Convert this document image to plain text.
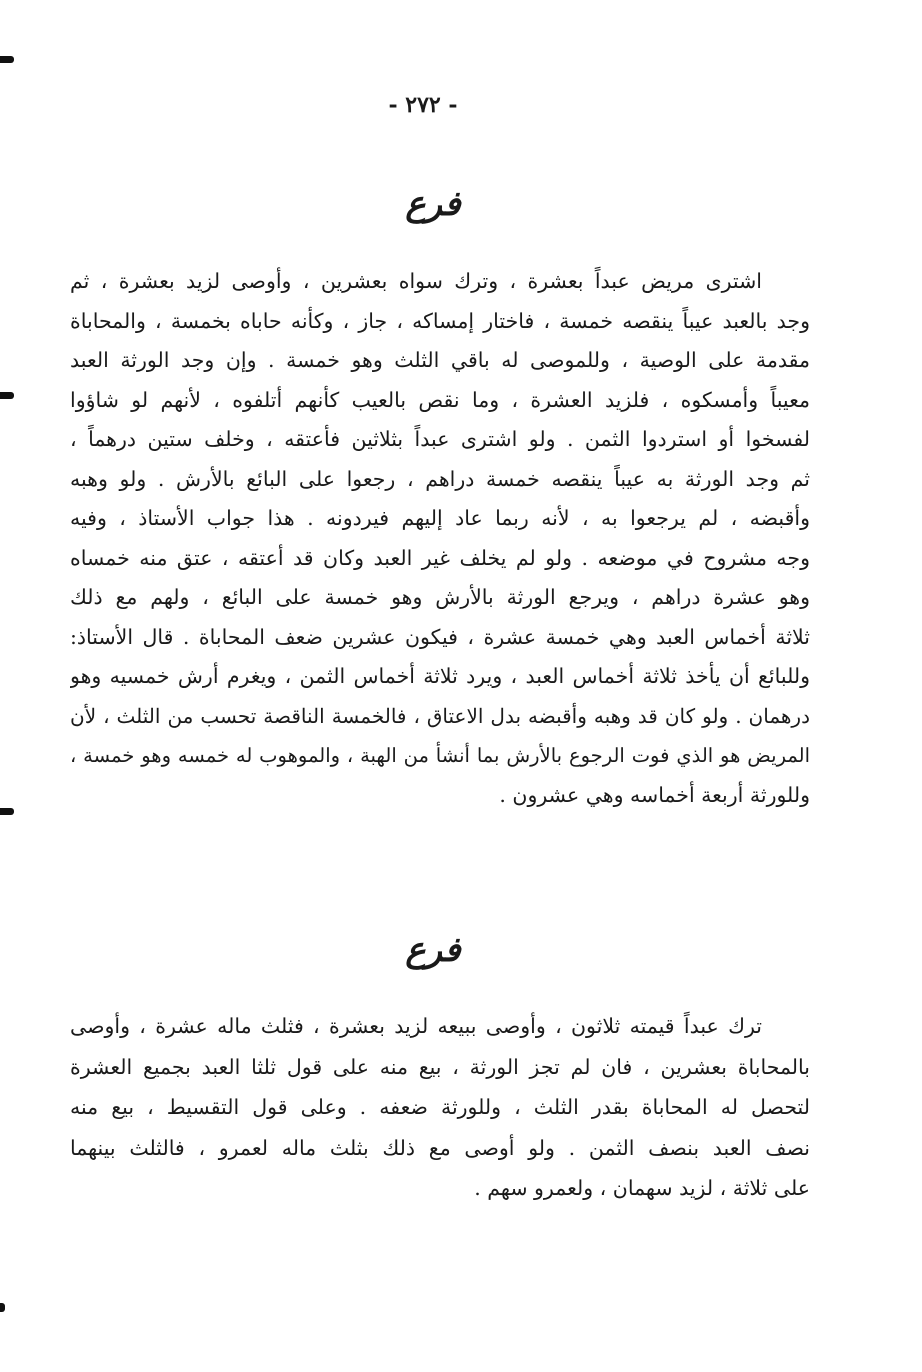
- ٢٧٢ -
فرع
اشترى مريض عبداً بعشرة ، وترك سواه بعشرين ، وأوصى لزيد بعشرة ، ثم
وجد بالعبد عيباً ينقصه خمسة ، فاختار إمساكه ، جاز ، وكأنه حاباه بخمسة ، والمحاباة
مقدمة على الوصية ، وللموصى له باقي الثلث وهو خمسة . وإن وجد الورثة العبد
معيباً وأمسكوه ، فلزيد العشرة ، وما نقص بالعيب كأنهم أتلفوه ، لأنهم لو شاؤوا
لفسخوا أو استردوا الثمن . ولو اشترى عبداً بثلاثين فأعتقه ، وخلف ستين درهماً ،
ثم وجد الورثة به عيباً ينقصه خمسة دراهم ، رجعوا على البائع بالأرش . ولو وهبه
وأقبضه ، لم يرجعوا به ، لأنه ربما عاد إليهم فيردونه . هذا جواب الأستاذ ، وفيه
وجه مشروح في موضعه . ولو لم يخلف غير العبد وكان قد أعتقه ، عتق منه خمساه
وهو عشرة دراهم ، ويرجع الورثة بالأرش وهو خمسة على البائع ، ولهم مع ذلك
ثلاثة أخماس العبد وهي خمسة عشرة ، فيكون عشرين ضعف المحاباة . قال الأستاذ:
وللبائع أن يأخذ ثلاثة أخماس العبد ، ويرد ثلاثة أخماس الثمن ، ويغرم أرش خمسيه وهو
درهمان . ولو كان قد وهبه وأقبضه بدل الاعتاق ، فالخمسة الناقصة تحسب من الثلث ، لأن
المريض هو الذي فوت الرجوع بالأرش بما أنشأ من الهبة ، والموهوب له خمسه وهو خمسة ،
وللورثة أربعة أخماسه وهي عشرون .
فرع
ترك عبداً قيمته ثلاثون ، وأوصى ببيعه لزيد بعشرة ، فثلث ماله عشرة ، وأوصى
بالمحاباة بعشرين ، فان لم تجز الورثة ، بيع منه على قول ثلثا العبد بجميع العشرة
لتحصل له المحاباة بقدر الثلث ، وللورثة ضعفه . وعلى قول التقسيط ، بيع منه
نصف العبد بنصف الثمن . ولو أوصى مع ذلك بثلث ماله لعمرو ، فالثلث بينهما
على ثلاثة ، لزيد سهمان ، ولعمرو سهم .
